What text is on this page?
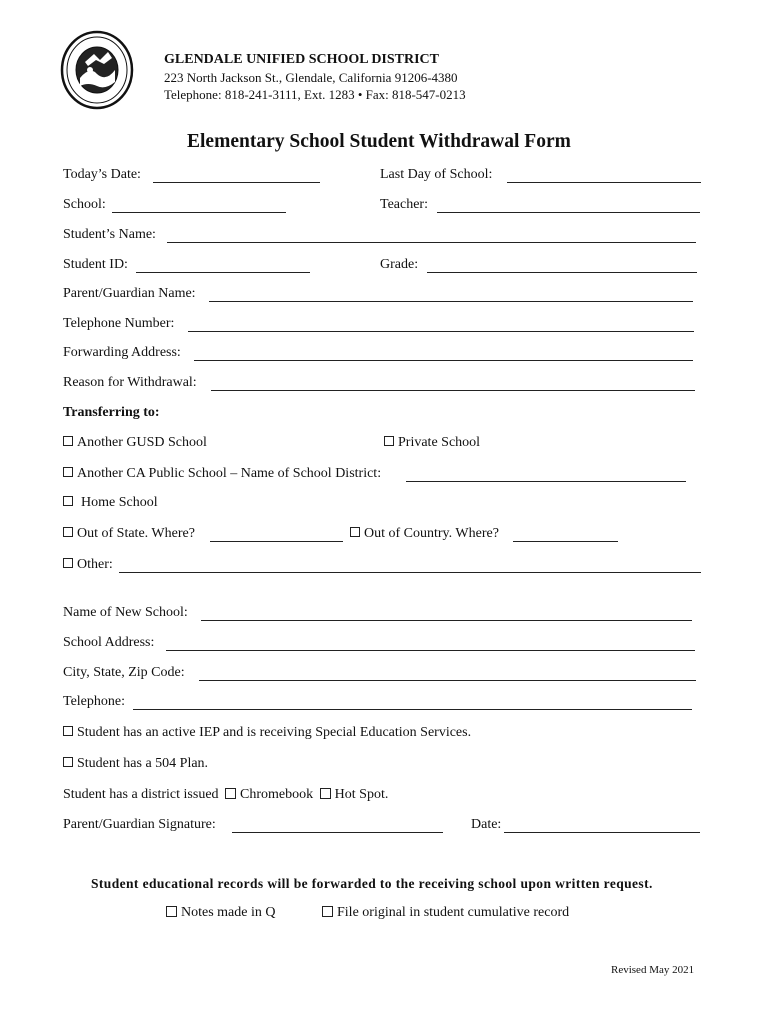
GLENDALE UNIFIED SCHOOL DISTRICT
223 North Jackson St., Glendale, California 91206-4380
Telephone: 818-241-3111, Ext. 1283 • Fax: 818-547-0213
Elementary School Student Withdrawal Form
Today’s Date:	Last Day of School:
School:	Teacher:
Student’s Name:
Student ID:	Grade:
Parent/Guardian Name:
Telephone Number:
Forwarding Address:
Reason for Withdrawal:
Transferring to:
Another GUSD School	Private School
Another CA Public School – Name of School District:
Home School
Out of State. Where?	Out of Country. Where?
Other:
Name of New School:
School Address:
City, State, Zip Code:
Telephone:
Student has an active IEP and is receiving Special Education Services.
Student has a 504 Plan.
Student has a district issued Chromebook Hot Spot.
Parent/Guardian Signature:	Date:
Student educational records will be forwarded to the receiving school upon written request.
Notes made in Q	File original in student cumulative record
Revised May 2021
